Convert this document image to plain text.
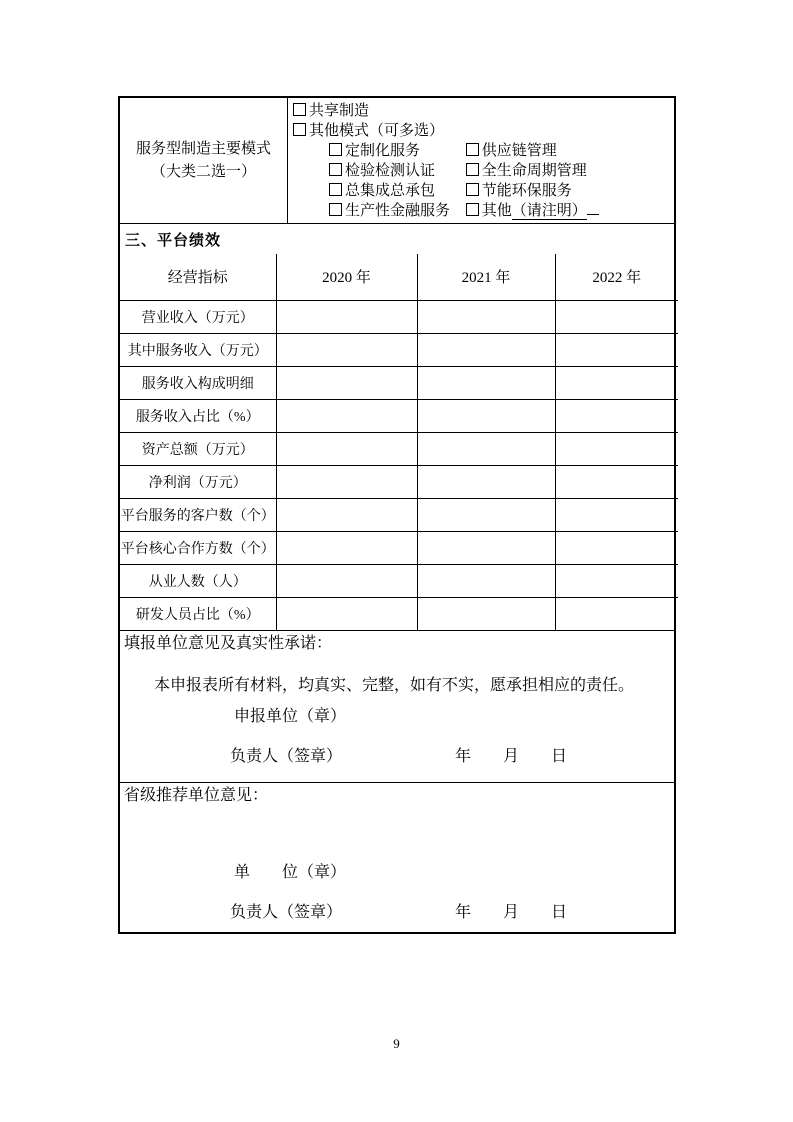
服务型制造主要模式
（大类二选一）
共享制造
其他模式（可多选）
定制化服务	供应链管理
检验检测认证	全生命周期管理
总集成总承包	节能环保服务
生产性金融服务 其他（请注明）
三、平台绩效
经营指标	2020 年	2021 年	2022 年
营业收入（万元）			
其中服务收入（万元）			
服务收入构成明细			
服务收入占比（%）			
资产总额（万元）			
净利润（万元）			
平台服务的客户数（个）			
平台核心合作方数（个）			
从业人数（人）			
研发人员占比（%）			
填报单位意见及真实性承诺：
本申报表所有材料，均真实、完整，如有不实，愿承担相应的责任。
申报单位（章）
负责人（签章）	年　　月　　日
省级推荐单位意见：
单　　位（章）
负责人（签章）	年　　月　　日
9
